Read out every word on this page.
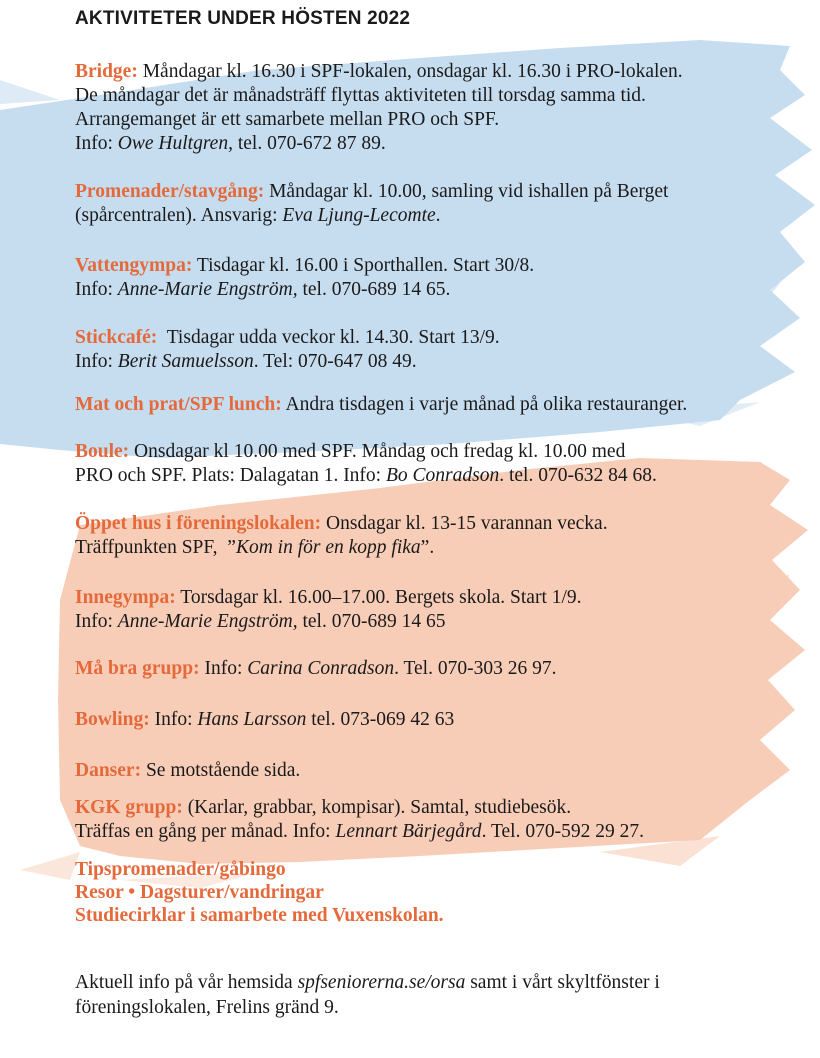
AKTIVITETER UNDER HÖSTEN 2022
Bridge: Måndagar kl. 16.30 i SPF-lokalen, onsdagar kl. 16.30 i PRO-lokalen.
De måndagar det är månadsträff flyttas aktiviteten till torsdag samma tid.
Arrangemanget är ett samarbete mellan PRO och SPF.
Info: Owe Hultgren, tel. 070-672 87 89.
Promenader/stavgång: Måndagar kl. 10.00, samling vid ishallen på Berget
(spårcentralen). Ansvarig: Eva Ljung-Lecomte.
Vattengympa: Tisdagar kl. 16.00 i Sporthallen. Start 30/8.
Info: Anne-Marie Engström, tel. 070-689 14 65.
Stickcafé:  Tisdagar udda veckor kl. 14.30. Start 13/9.
Info: Berit Samuelsson. Tel: 070-647 08 49.
Mat och prat/SPF lunch: Andra tisdagen i varje månad på olika restauranger.
Boule: Onsdagar kl 10.00 med SPF. Måndag och fredag kl. 10.00 med
PRO och SPF. Plats: Dalagatan 1. Info: Bo Conradson. tel. 070-632 84 68.
Öppet hus i föreningslokalen: Onsdagar kl. 13-15 varannan vecka.
Träffpunkten SPF,  ”Kom in för en kopp fika”.
Innegympa: Torsdagar kl. 16.00–17.00. Bergets skola. Start 1/9.
Info: Anne-Marie Engström, tel. 070-689 14 65
Må bra grupp: Info: Carina Conradson. Tel. 070-303 26 97.
Bowling: Info: Hans Larsson tel. 073-069 42 63
Danser: Se motstående sida.
KGK grupp: (Karlar, grabbar, kompisar). Samtal, studiebesök.
Träffas en gång per månad. Info: Lennart Bärjegård. Tel. 070-592 29 27.
Tipspromenader/gåbingo
Resor • Dagsturer/vandringar
Studiecirklar i samarbete med Vuxenskolan.

Aktuell info på vår hemsida spfseniorerna.se/orsa samt i vårt skyltfönster i föreningslokalen, Frelins gränd 9.
